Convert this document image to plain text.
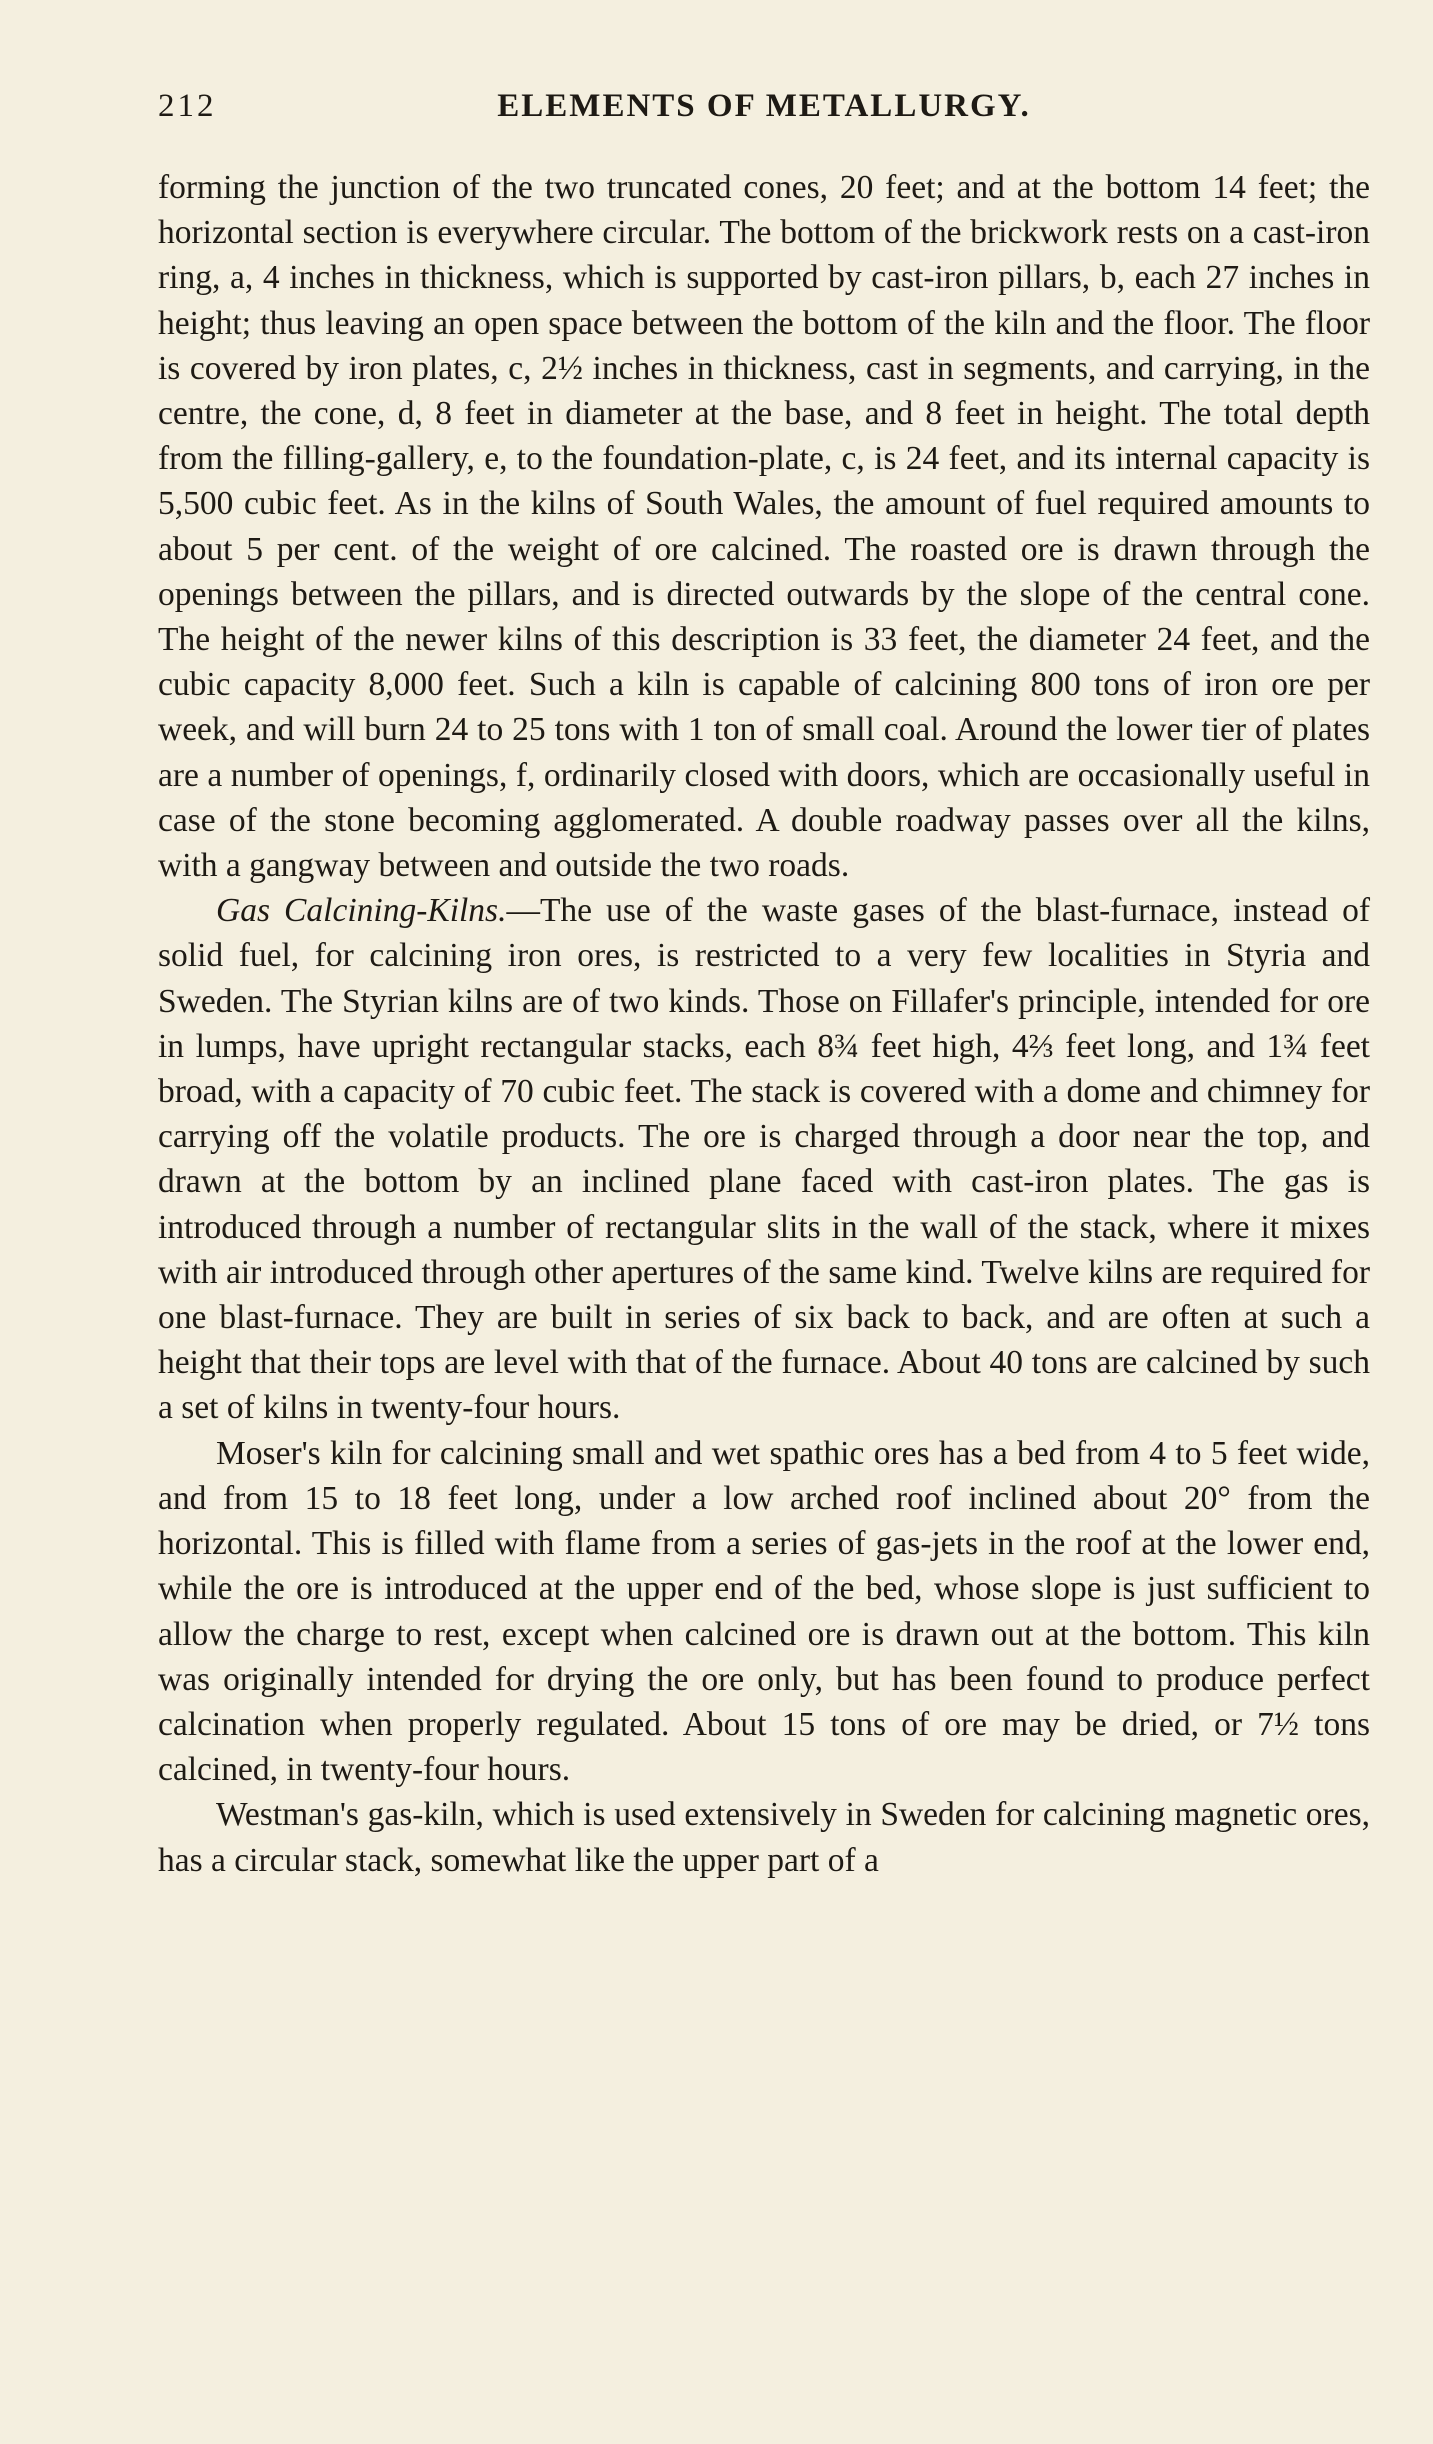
212	ELEMENTS OF METALLURGY.

forming the junction of the two truncated cones, 20 feet; and at the bottom 14 feet; the horizontal section is everywhere circular. The bottom of the brickwork rests on a cast-iron ring, a, 4 inches in thickness, which is supported by cast-iron pillars, b, each 27 inches in height; thus leaving an open space between the bottom of the kiln and the floor. The floor is covered by iron plates, c, 2½ inches in thickness, cast in segments, and carrying, in the centre, the cone, d, 8 feet in diameter at the base, and 8 feet in height. The total depth from the filling-gallery, e, to the foundation-plate, c, is 24 feet, and its internal capacity is 5,500 cubic feet. As in the kilns of South Wales, the amount of fuel required amounts to about 5 per cent. of the weight of ore calcined. The roasted ore is drawn through the openings between the pillars, and is directed outwards by the slope of the central cone. The height of the newer kilns of this description is 33 feet, the diameter 24 feet, and the cubic capacity 8,000 feet. Such a kiln is capable of calcining 800 tons of iron ore per week, and will burn 24 to 25 tons with 1 ton of small coal. Around the lower tier of plates are a number of openings, f, ordinarily closed with doors, which are occasionally useful in case of the stone becoming agglomerated. A double roadway passes over all the kilns, with a gangway between and outside the two roads.

Gas Calcining-Kilns.—The use of the waste gases of the blast-furnace, instead of solid fuel, for calcining iron ores, is restricted to a very few localities in Styria and Sweden. The Styrian kilns are of two kinds. Those on Fillafer's principle, intended for ore in lumps, have upright rectangular stacks, each 8¾ feet high, 4⅔ feet long, and 1¾ feet broad, with a capacity of 70 cubic feet. The stack is covered with a dome and chimney for carrying off the volatile products. The ore is charged through a door near the top, and drawn at the bottom by an inclined plane faced with cast-iron plates. The gas is introduced through a number of rectangular slits in the wall of the stack, where it mixes with air introduced through other apertures of the same kind. Twelve kilns are required for one blast-furnace. They are built in series of six back to back, and are often at such a height that their tops are level with that of the furnace. About 40 tons are calcined by such a set of kilns in twenty-four hours.

Moser's kiln for calcining small and wet spathic ores has a bed from 4 to 5 feet wide, and from 15 to 18 feet long, under a low arched roof inclined about 20° from the horizontal. This is filled with flame from a series of gas-jets in the roof at the lower end, while the ore is introduced at the upper end of the bed, whose slope is just sufficient to allow the charge to rest, except when calcined ore is drawn out at the bottom. This kiln was originally intended for drying the ore only, but has been found to produce perfect calcination when properly regulated. About 15 tons of ore may be dried, or 7½ tons calcined, in twenty-four hours.

Westman's gas-kiln, which is used extensively in Sweden for calcining magnetic ores, has a circular stack, somewhat like the upper part of a
